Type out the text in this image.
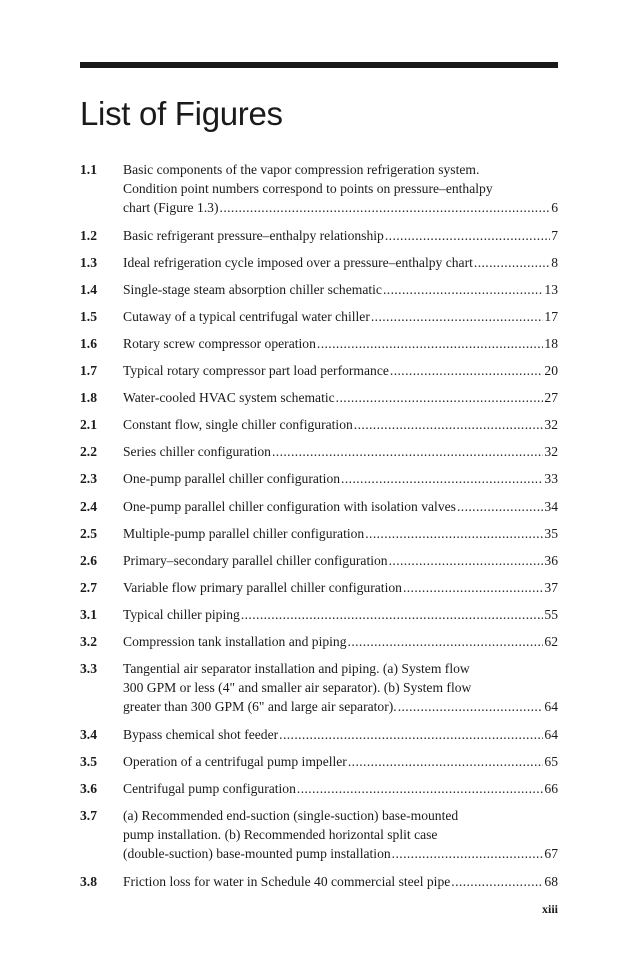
List of Figures
1.1	Basic components of the vapor compression refrigeration system.
Condition point numbers correspond to points on pressure–enthalpy
chart (Figure 1.3) .....	6
1.2	Basic refrigerant pressure–enthalpy relationship .....	7
1.3	Ideal refrigeration cycle imposed over a pressure–enthalpy chart .....	8
1.4	Single-stage steam absorption chiller schematic .....	13
1.5	Cutaway of a typical centrifugal water chiller .....	17
1.6	Rotary screw compressor operation .....	18
1.7	Typical rotary compressor part load performance .....	20
1.8	Water-cooled HVAC system schematic .....	27
2.1	Constant flow, single chiller configuration .....	32
2.2	Series chiller configuration .....	32
2.3	One-pump parallel chiller configuration .....	33
2.4	One-pump parallel chiller configuration with isolation valves .....	34
2.5	Multiple-pump parallel chiller configuration .....	35
2.6	Primary–secondary parallel chiller configuration .....	36
2.7	Variable flow primary parallel chiller configuration .....	37
3.1	Typical chiller piping .....	55
3.2	Compression tank installation and piping .....	62
3.3	Tangential air separator installation and piping. (a) System flow
300 GPM or less (4" and smaller air separator). (b) System flow
greater than 300 GPM (6" and large air separator). .....	64
3.4	Bypass chemical shot feeder .....	64
3.5	Operation of a centrifugal pump impeller .....	65
3.6	Centrifugal pump configuration .....	66
3.7	(a) Recommended end-suction (single-suction) base-mounted
pump installation. (b) Recommended horizontal split case
(double-suction) base-mounted pump installation .....	67
3.8	Friction loss for water in Schedule 40 commercial steel pipe .....	68
xiii
